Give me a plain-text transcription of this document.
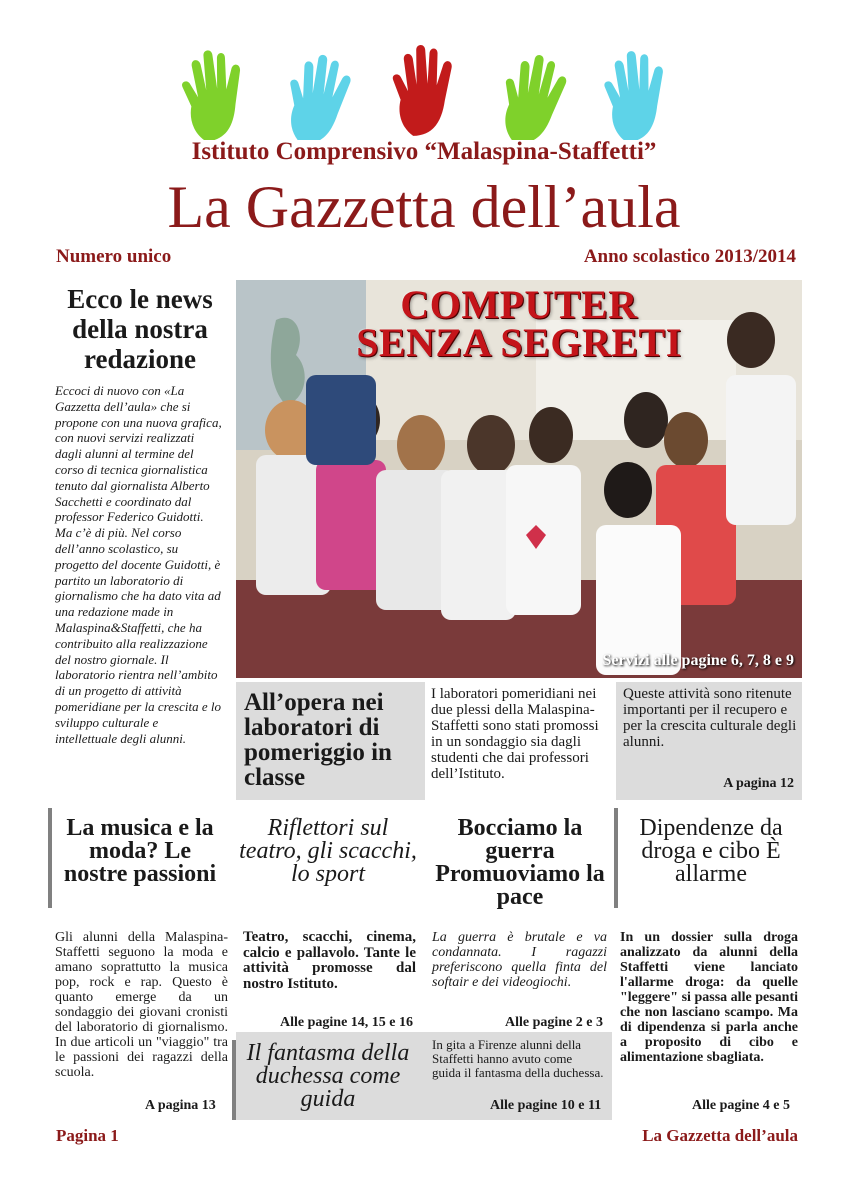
Istituto Comprensivo “Malaspina-Staffetti”
La Gazzetta dell’aula
Numero unico	Anno scolastico 2013/2014
Ecco le news della nostra redazione
Eccoci di nuovo con «La Gazzetta dell’aula» che si propone con una nuova grafica, con nuovi servizi realizzati dagli alunni al termine del corso di tecnica giornalistica tenuto dal giornalista Alberto Sacchetti e coordinato dal professor Federico Guidotti. Ma c’è di più. Nel corso dell’anno scolastico, su progetto del docente Guidotti, è partito un laboratorio di giornalismo che ha dato vita ad una redazione made in Malaspina&Staffetti, che ha contribuito alla realizzazione del nostro giornale. Il laboratorio rientra nell’ambito di un progetto di attività pomeridiane per la crescita e lo sviluppo culturale e intellettuale degli alunni.
COMPUTER
SENZA SEGRETI
Servizi alle pagine 6, 7, 8 e 9
All’opera nei laboratori di pomeriggio in classe
I laboratori pomeridiani nei due plessi della Malaspina-Staffetti sono stati promossi in un sondaggio sia dagli studenti che dai professori dell’Istituto.
Queste attività sono ritenute importanti per il recupero e per la crescita culturale degli alunni.
A pagina 12
La musica e la moda? Le nostre passioni
Gli alunni della Malaspina-Staffetti seguono la moda e amano soprattutto la musica pop, rock e rap. Questo è quanto emerge da un sondaggio dei giovani cronisti del laboratorio di giornalismo. In due articoli un "viaggio" tra le passioni dei ragazzi della scuola.
A pagina 13
Riflettori sul teatro, gli scacchi, lo sport
Teatro, scacchi, cinema, calcio e pallavolo. Tante le attività promosse dal nostro Istituto.
Alle pagine 14, 15 e 16
Il fantasma della duchessa come guida
Bocciamo la guerra Promuoviamo la pace
La guerra è brutale e va condannata. I ragazzi preferiscono quella finta del softair e dei videogiochi.
Alle pagine 2 e 3
In gita a Firenze alunni della Staffetti hanno avuto come guida il fantasma della duchessa.
Alle pagine 10 e 11
Dipendenze da droga e cibo È allarme
In un dossier sulla droga analizzato da alunni della Staffetti viene lanciato l'allarme droga: da quelle "leggere" si passa alle pesanti che non lasciano scampo. Ma di dipendenza si parla anche a proposito di cibo e alimentazione sbagliata.
Alle pagine 4 e 5
Pagina 1	La Gazzetta dell’aula
